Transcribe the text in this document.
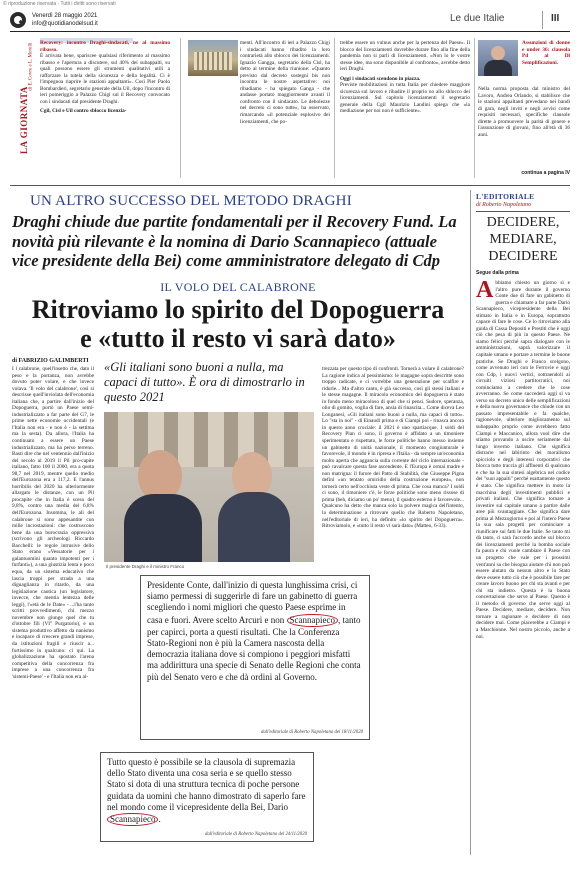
© riproduzione riservata · Tutti i diritti sono riservati
Venerdì 28 maggio 2021
info@quotidianodelsud.it	Le due Italie	III
LA GIORNATA
di E. Covre e L. Morelli Recovery: incontro Draghi-sindacati, ne al massimo ribasso.
È arrivata bene, spariscee qualsiasi riferimento al massimo ribasso e l'apertura a discutere, sul 40% dei subappalti, su quali possono essere gli strumenti qualitativi utili a rafforzare la tutela della sicurezza e della legalità. Ci è l'impegnoa riaprire le stazioni appaltanti». Così Pier Paolo Bombardieri, segretario generale della Uil, dopo l'incontro di ieri pomeriggio a Palazzo Chigi sul il Recovery convocato con i sindacati dal presidente Draghi.
Cgil, Cisl e Uil contro sblocco licenzia-
menti. All'incontro di ieri a Palazzo Chigi i sindacati hanno ribadito la loro contrarietà allo sblocco dei licenziamenti. Ignazio Gangga, segretario della Cisl, ha detto al termine della riunione: «Quanto previsto dal decreto sostegni bis non incontra le nostre aspettative: noi ribadiamo - ha spiegato Ganga - che andasse portato maggiormente avanti il confronto con il sindacato. Le debolezze nel decreto ci sono tutte», ha osservato, rimarcando «il potenziale esplosivo dei licenziamenti, che po-
trebbe essere un vulnus anche per la pertenza del Paese». Il blocco dei licenziamenti dovrebbe durare fino alla fine della pandemia non si parli di licenziamenti. «Non lo le vostre stesse idee, ma sono disponibile al confronto», avrebbe detto ieri Draghi.
Oggi i sindacati scendono in piazza.
Previste mobilitazioni in tutta Italia per chiedere maggiore sicurezza sul lavoro e ribadire il proprio no allo sblocco dei licenziamenti. Sul capitolo licenziamenti il segretario generale della Cgil Maurizio Landini spiega che «la mediazione per noi non è sufficiente».
Assunzioni di donne e under 36: clausola Pd al Dl Semplificazioni.
Nella norma proposta dal ministro del Lavoro, Andrea Orlando, si stabilisce che le stazioni appaltanti prevedano nei bandi di gara, negli inviti e negli avvisi come requisiti necessari, specifiche clausole dirette a promuovere la parità di genere e l'assunzione di giovani, fino all'età di 36 anni.
continua a pagina IV
UN ALTRO SUCCESSO DEL METODO DRAGHI
Draghi chiude due partite fondamentali per il Recovery Fund. La novità più rilevante è la nomina di Dario Scannapieco (attuale vice presidente della Bei) come amministratore delegato di Cdp
IL VOLO DEL CALABRONE
Ritroviamo lo spirito del Dopoguerra
e «tutto il resto vi sarà dato»
di FABRIZIO GALIMBERTI
I l calabrone, quell'insetto che, dato il peso e la portanza, non avrebbe dovuto poter volare, e che invece volava. 'Il volo del calabrone', così si descrisse quell'inviolata dell'economia italiana che, a partire dall'inizio del Dopoguerra, portò un Paese semi-industrializzato a far parte del G7, le prime sette economie occidentali (e l'Italia non era - e non è - la settima ma la sesta). Da allora, l'Italia ha continuato a essere un Paese industrializzato, ma ha perso terreno. Basti dire che nel ventennio dall'inizio del secolo al 2019 il Pil pro-capite italiano, fatto 100 il 2000, era a quota 98,7 nel 2019, mentre quello medio dell'Eurozona era a 117,2. E l'annus horribilis del 2020 ha ulteriormente allargato le distanze, con un Pil procapite che in Italia è sceso del 9,8%, contro una media del 6,8% dell'Eurozona. Insomma, le ali del calabrone si sono appesantite con mille incrostazioni: che costruscono bene da una burocrazia oppressiva (scrivono gli archeologi Riccardo Bacchelli: le regole intrusive dello Stato erano «Vessatorie per i galantuomini quanto impotenti per i furfanti»), a una giustizia lenta e poco equa, da un sistema educativo che lascia troppi per strada a una diguaglianza in ritardo, da una legislazione caotica (un legislatore, invecce, che mentia lentezza delle leggi), l'«età de le Date» - ...l'ha tanto scritti provvedimenti, chi mezzo novembre non giunge quel che tu d'ottobre fili (VI° Purgatorio), e un sistema produttivo affetto da nanismo e incapace di crescere grandi imprese, da istituzioni fragili e riuscir a... fortissimo in qualcuno: ci qui. La globalizzazione ha spostato l'arena competitiva della concorrenza fra imprese a una concorrenza fra 'sistemi-Paese' - e l'Italia non era al-
«Gli italiani sono buoni a nulla, ma capaci di tutto». È ora di dimostrarlo in questo 2021
Il presidente Draghi e il ministro Franco
trezzata per questo tipo di confronti. Tornerà a volare il calabrone? La ragione indica al pessimismo: le magagne sopra descritte sono troppo radicate, e ci vorrebbe una generazione per scalfire e ridurle... Ma d'altro canto, è già successo, così gli stessi italiani e le stesse magagne. Il miracolo economico del dopoguerra è stato in fondo meno miracoloso di quel che si pensi. Sudore, speranza, olio di gomito, voglia di fare, ansia di rinascita... Come diceva Leo Longanesi, «Gli italiani sono buoni a nulla, ma capaci di tutto». Lo "sta in noi" - di Einaudi prima e di Ciampi poi - rinasca ancora in questo anno cruciale: il 2021 è uno spartiacque. I soldi del Recovery Plan ci sono, il governo è affidato a un timoniere sperimentato e rispettato, le forze politiche hanno messo insieme un gabinetto di unità nazionale, il momento congiunturale è favorevole, il mondo è in ripresa e l'Italia - da sempre un'economia molto aperta che aggancia sulla corrente del ciclo internazionale - può cavalcare questa fase ascendente. E l'Europa è ormai madre e non matrigna: il furore del Patto di Stabilità, che Giuseppe Pigna definì «un tentato omicidio della costruzione europea», non tornerà certo nell'occhiuta veste di prima. Che cosa manca? I soldi ci sono, il timoniere c'è, le forze politiche sono meno rissose di prima (beh, diciamo un po' meno), il quadro esterno è favorevole... Qualcuno ha detto che manca solo la polvere magica dell'intento, la determinazione a ritrovare quello che Roberto Napoletano, nell'editoriale di ieri, ha definito «lo spirito del Dopoguerra». Ritroviamolo, e «tutto il resto vi sarà dato» (Matteo, 6-33).
Presidente Conte, dall'inizio di questa lunghissima crisi, ci siamo permessi di suggerirle di fare un gabinetto di guerra scegliendo i nomi migliori che questo Paese esprime in casa e fuori. Avere scelto Arcuri e non Scannapieco , tanto per capirci, porta a questi risultati. Che la Conferenza Stato-Regioni non è più la Camera nascosta della democrazia italiana dove si compiono i peggiori misfatti ma addirittura una specie di Senato delle Regioni che conta più del Senato vero e che dà ordini al Governo.
dall'editoriale di Roberto Napoletano del 18/11/2020
Tutto questo è possibile se la clausola di supremazia dello Stato diventa una cosa seria e se quello stesso Stato si dota di una struttura tecnica di poche persone guidata da uomini che hanno dimostrato di saperlo fare nel mondo come il vicepresidente della Bei, Dario Scannapieco .
dall'editoriale di Roberto Napoletano del 24/11/2020
L'EDITORIALE
di Roberto Napoletano
DECIDERE, MEDIARE, DECIDERE
Segue dalla prima
Abbiamo chiesto un giorno sì e l'altro pure durante il governo Conte due di fare un gabinetto di guerra e chiamare a far parte Dario Scannapieco, vicepresidente della Bei stimato in Italia e in Europa, soprattutto capace di fare le cose. Ce lo ritroviamo alla guida di Cassa Depositi e Prestiti che è oggi ciò che pesa di più in questo Paese. Ne siamo felici perché sapra dialogare con le amministrazioni, saprà valorizzare il capitale umano e portare a termine le buone pratiche. Se Draghi e Franco scelgono, come avvenuto ieri con le Ferrovie e oggi con Cdp, i nuovi vertici, sottraendoli ai circuiti viziosi partitocratici, noi cominciamo a credere che le cose avverranno. Se come succederà oggi si va verso un decreto unico delle semplificazioni e della nuova governance che chiude con un passato impresentabile e fa qualche, ragionevole, ulteriore miglioramento sul subappalto proprio come avrebbero fatto Ciampi e Maccanico, allora vuol dire che stiamo provando a uscire seriamente dal lungo inverno italiano. Che significa distrarre nel labirinto del moralismo spicciolo e degli interessi corporativi che blocca tutto traccia gli affluenti di qualcuno e che ha la sua sintesi algebrica nel codice dei "suoi appalti" perché esattamente questo è stato. Che significa mettere in moto la macchina degli investimenti pubblici e privati italiani. Che significa tornare a investire sul capitale umano a partire dalle aree più svantaggiate. Che significa dare prima al Mezzogiorno e poi al l'intero Paese la sua sala progetti per cominciare a riunificare sui fatti le due Italie. Se tanto mi dà tanto, ci sarà l'accordo anche sul blocco dei licenziamenti perché la bomba sociale fa paura e chi vuole cambiare il Paese con un progetto che vale per i prossimi vent'anni sa che bisogna aiutare chi non può essere aiutato da nessun altro e lo Stato deve essere tutto ciò che è possibile fare per creare lavoro buono per chi sta avanti e per chi sta indietro. Questa è la buona concertazione che serve al Paese. Questo è il metodo di governo che serve oggi al Paese. Decidere, mediare, decidere. Non tornare a ragionare e decidere di non decidere mai. Come piacerebbe a Ciampi e a Marchionne. Nel nostro piccolo, anche a noi.
